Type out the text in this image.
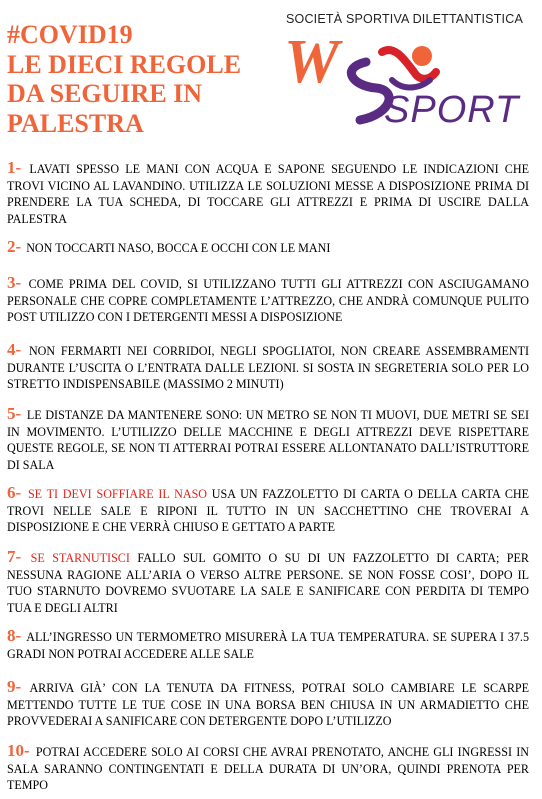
#COVID19
LE DIECI REGOLE
DA SEGUIRE IN
PALESTRA
SOCIETÀ SPORTIVA DILETTANTISTICA
W
SPORT
1- LAVATI SPESSO LE MANI CON ACQUA E SAPONE SEGUENDO LE INDICAZIONI CHE TROVI VICINO AL LAVANDINO. UTILIZZA LE SOLUZIONI MESSE A DISPOSIZIONE PRIMA DI PRENDERE LA TUA SCHEDA, DI TOCCARE GLI ATTREZZI E PRIMA DI USCIRE DALLA PALESTRA
2- NON TOCCARTI NASO, BOCCA E OCCHI CON LE MANI
3- COME PRIMA DEL COVID, SI UTILIZZANO TUTTI GLI ATTREZZI CON ASCIUGAMANO PERSONALE CHE COPRE COMPLETAMENTE L’ATTREZZO, CHE ANDRÀ COMUNQUE PULITO POST UTILIZZO CON I DETERGENTI MESSI A DISPOSIZIONE
4- NON FERMARTI NEI CORRIDOI, NEGLI SPOGLIATOI, NON CREARE ASSEMBRAMENTI DURANTE L’USCITA O L’ENTRATA DALLE LEZIONI. SI SOSTA IN SEGRETERIA SOLO PER LO STRETTO INDISPENSABILE (MASSIMO 2 MINUTI)
5- LE DISTANZE DA MANTENERE SONO: UN METRO SE NON TI MUOVI, DUE METRI SE SEI IN MOVIMENTO. L’UTILIZZO DELLE MACCHINE E DEGLI ATTREZZI DEVE RISPETTARE QUESTE REGOLE, SE NON TI ATTERRAI POTRAI ESSERE ALLONTANATO DALL’ISTRUTTORE DI SALA
6- SE TI DEVI SOFFIARE IL NASO USA UN FAZZOLETTO DI CARTA O DELLA CARTA CHE TROVI NELLE SALE E RIPONI IL TUTTO IN UN SACCHETTINO CHE TROVERAI A DISPOSIZIONE E CHE VERRÀ CHIUSO E GETTATO A PARTE
7- SE STARNUTISCI FALLO SUL GOMITO O SU DI UN FAZZOLETTO DI CARTA; PER NESSUNA RAGIONE ALL’ARIA O VERSO ALTRE PERSONE. SE NON FOSSE COSI’, DOPO IL TUO STARNUTO DOVREMO SVUOTARE LA SALE E SANIFICARE CON PERDITA DI TEMPO TUA E DEGLI ALTRI
8- ALL’INGRESSO UN TERMOMETRO MISURERÀ LA TUA TEMPERATURA. SE SUPERA I 37.5 GRADI NON POTRAI ACCEDERE ALLE SALE
9- ARRIVA GIÀ’ CON LA TENUTA DA FITNESS, POTRAI SOLO CAMBIARE LE SCARPE METTENDO TUTTE LE TUE COSE IN UNA BORSA BEN CHIUSA IN UN ARMADIETTO CHE PROVVEDERAI A SANIFICARE CON DETERGENTE DOPO L’UTILIZZO
10- POTRAI ACCEDERE SOLO AI CORSI CHE AVRAI PRENOTATO, ANCHE GLI INGRESSI IN SALA SARANNO CONTINGENTATI E DELLA DURATA DI UN’ORA, QUINDI PRENOTA PER TEMPO
